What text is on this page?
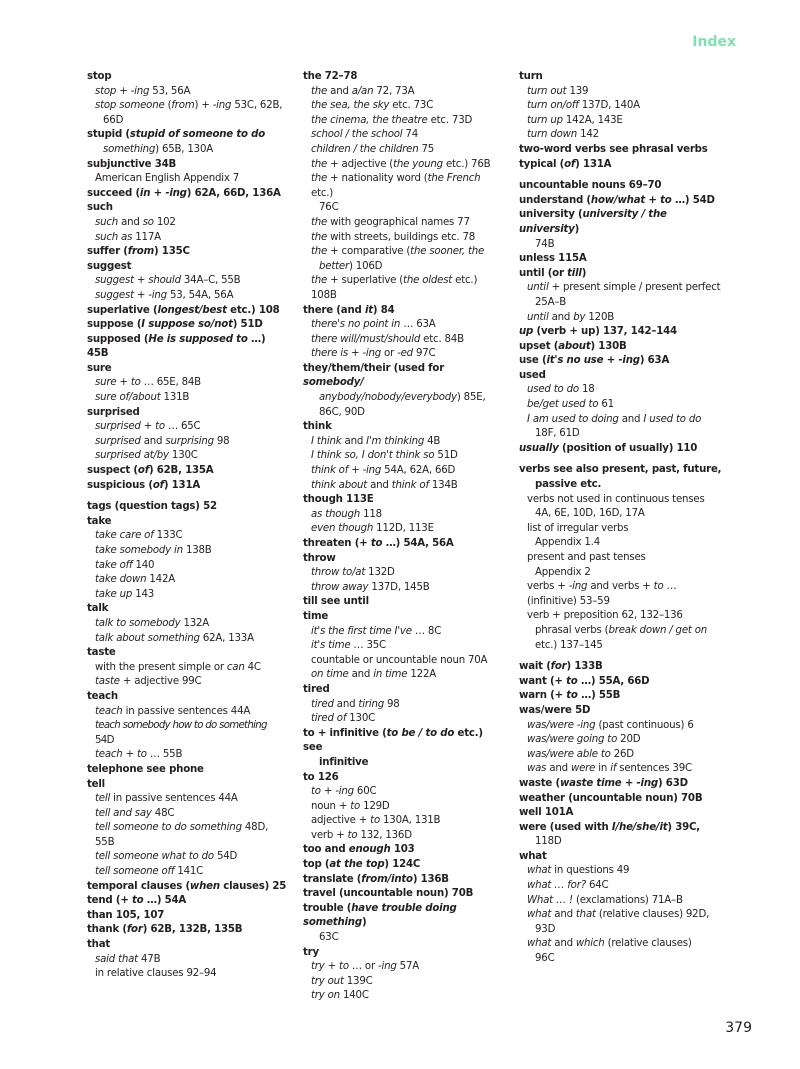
Index
stop
stop + -ing 53, 56A
stop someone (from) + -ing 53C, 62B,
66D
stupid (stupid of someone to do
something) 65B, 130A
subjunctive 34B
American English Appendix 7
succeed (in + -ing) 62A, 66D, 136A
such
such and so 102
such as 117A
suffer (from) 135C
suggest
suggest + should 34A–C, 55B
suggest + -ing 53, 54A, 56A
superlative (longest/best etc.) 108
suppose (I suppose so/not) 51D
supposed (He is supposed to …) 45B
sure
sure + to … 65E, 84B
sure of/about 131B
surprised
surprised + to … 65C
surprised and surprising 98
surprised at/by 130C
suspect (of) 62B, 135A
suspicious (of) 131A
tags (question tags) 52
take
take care of 133C
take somebody in 138B
take off 140
take down 142A
take up 143
talk
talk to somebody 132A
talk about something 62A, 133A
taste
with the present simple or can 4C
taste + adjective 99C
teach
teach in passive sentences 44A
teach somebody how to do something 54D
teach + to … 55B
telephone see phone
tell
tell in passive sentences 44A
tell and say 48C
tell someone to do something 48D, 55B
tell someone what to do 54D
tell someone off 141C
temporal clauses (when clauses) 25
tend (+ to …) 54A
than 105, 107
thank (for) 62B, 132B, 135B
that
said that 47B
in relative clauses 92–94
the 72–78
the and a/an 72, 73A
the sea, the sky etc. 73C
the cinema, the theatre etc. 73D
school / the school 74
children / the children 75
the + adjective (the young etc.) 76B
the + nationality word (the French etc.)
76C
the with geographical names 77
the with streets, buildings etc. 78
the + comparative (the sooner, the
better) 106D
the + superlative (the oldest etc.) 108B
there (and it) 84
there's no point in … 63A
there will/must/should etc. 84B
there is + -ing or -ed 97C
they/them/their (used for somebody/
anybody/nobody/everybody) 85E,
86C, 90D
think
I think and I'm thinking 4B
I think so, I don't think so 51D
think of + -ing 54A, 62A, 66D
think about and think of 134B
though 113E
as though 118
even though 112D, 113E
threaten (+ to …) 54A, 56A
throw
throw to/at 132D
throw away 137D, 145B
till see until
time
it's the first time I've … 8C
it's time … 35C
countable or uncountable noun 70A
on time and in time 122A
tired
tired and tiring 98
tired of 130C
to + infinitive (to be / to do etc.) see
infinitive
to 126
to + -ing 60C
noun + to 129D
adjective + to 130A, 131B
verb + to 132, 136D
too and enough 103
top (at the top) 124C
translate (from/into) 136B
travel (uncountable noun) 70B
trouble (have trouble doing something)
63C
try
try + to … or -ing 57A
try out 139C
try on 140C
turn
turn out 139
turn on/off 137D, 140A
turn up 142A, 143E
turn down 142
two-word verbs see phrasal verbs
typical (of) 131A
uncountable nouns 69–70
understand (how/what + to …) 54D
university (university / the university)
74B
unless 115A
until (or till)
until + present simple / present perfect
25A–B
until and by 120B
up (verb + up) 137, 142–144
upset (about) 130B
use (it's no use + -ing) 63A
used
used to do 18
be/get used to 61
I am used to doing and I used to do
18F, 61D
usually (position of usually) 110
verbs see also present, past, future,
passive etc.
verbs not used in continuous tenses
4A, 6E, 10D, 16D, 17A
list of irregular verbs
Appendix 1.4
present and past tenses
Appendix 2
verbs + -ing and verbs + to …
(infinitive) 53–59
verb + preposition 62, 132–136
phrasal verbs (break down / get on
etc.) 137–145
wait (for) 133B
want (+ to …) 55A, 66D
warn (+ to …) 55B
was/were 5D
was/were -ing (past continuous) 6
was/were going to 20D
was/were able to 26D
was and were in if sentences 39C
waste (waste time + -ing) 63D
weather (uncountable noun) 70B
well 101A
were (used with I/he/she/it) 39C,
118D
what
what in questions 49
what … for? 64C
What … ! (exclamations) 71A–B
what and that (relative clauses) 92D,
93D
what and which (relative clauses)
96C
379
